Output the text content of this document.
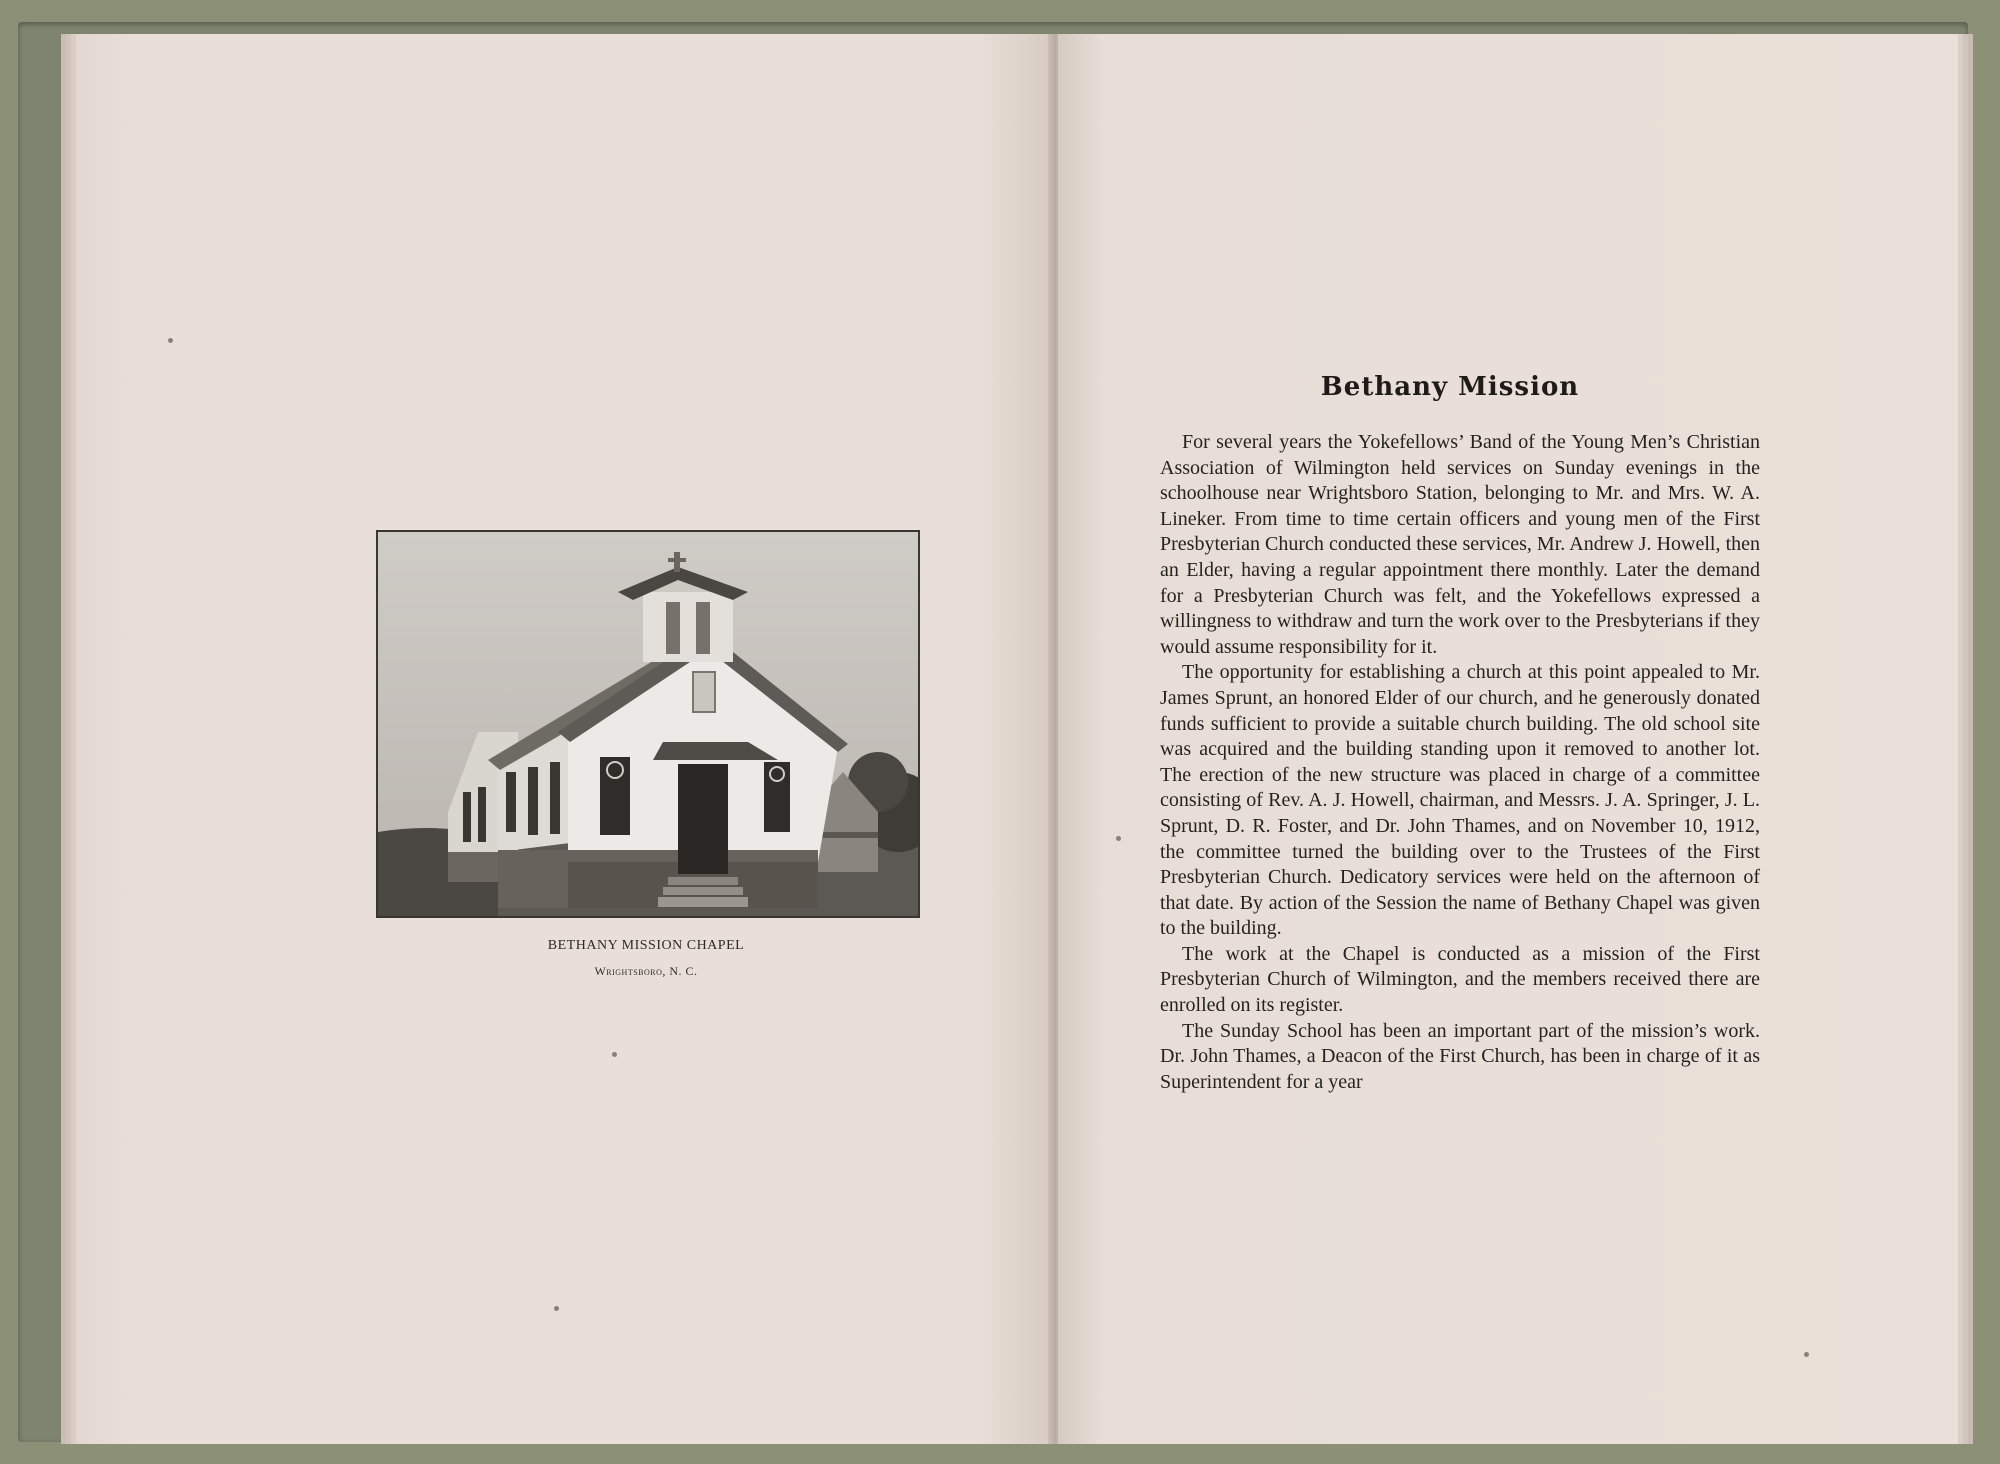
BETHANY MISSION CHAPEL
Wrightsboro, N. C.
Bethany Mission

For several years the Yokefellows’ Band of the Young Men’s Christian Association of Wilmington held services on Sunday evenings in the schoolhouse near Wrightsboro Station, belonging to Mr. and Mrs. W. A. Lineker. From time to time certain officers and young men of the First Presbyterian Church conducted these services, Mr. Andrew J. Howell, then an Elder, having a regular appointment there monthly. Later the demand for a Presbyterian Church was felt, and the Yokefellows expressed a willingness to withdraw and turn the work over to the Presbyterians if they would assume responsibility for it.

The opportunity for establishing a church at this point appealed to Mr. James Sprunt, an honored Elder of our church, and he generously donated funds sufficient to provide a suitable church building. The old school site was acquired and the building standing upon it removed to another lot. The erection of the new structure was placed in charge of a committee consisting of Rev. A. J. Howell, chairman, and Messrs. J. A. Springer, J. L. Sprunt, D. R. Foster, and Dr. John Thames, and on November 10, 1912, the committee turned the building over to the Trustees of the First Presbyterian Church. Dedicatory services were held on the afternoon of that date. By action of the Session the name of Bethany Chapel was given to the building.

The work at the Chapel is conducted as a mission of the First Presbyterian Church of Wilmington, and the members received there are enrolled on its register.

The Sunday School has been an important part of the mission’s work. Dr. John Thames, a Deacon of the First Church, has been in charge of it as Superintendent for a year
